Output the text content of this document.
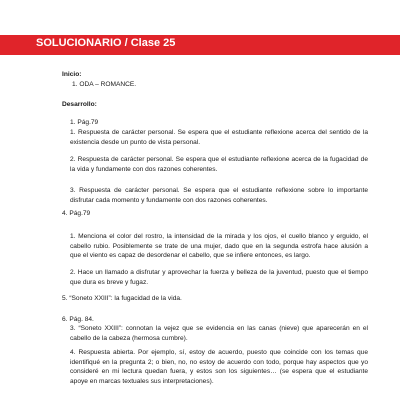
SOLUCIONARIO / Clase 25
Inicio:
1. ODA – ROMANCE.
Desarrollo:
1. Pág.79
1. Respuesta de carácter personal. Se espera que el estudiante reflexione acerca del sentido de la existencia desde un punto de vista personal.
2. Respuesta de carácter personal. Se espera que el estudiante reflexione acerca de la fugacidad de la vida y fundamente con dos razones coherentes.
3. Respuesta de carácter personal. Se espera que el estudiante reflexione sobre lo importante disfrutar cada momento y fundamente con dos razones coherentes.
4. Pág.79
1. Menciona el color del rostro, la intensidad de la mirada y los ojos, el cuello blanco y erguido, el cabello rubio. Posiblemente se trate de una mujer, dado que en la segunda estrofa hace alusión a que el viento es capaz de desordenar el cabello, que se infiere entonces, es largo.
2. Hace un llamado a disfrutar y aprovechar la fuerza y belleza de la juventud, puesto que el tiempo que dura es breve y fugaz.
5. “Soneto XXIII”: la fugacidad de la vida.
6. Pág. 84.
3. “Soneto XXIII”: connotan la vejez que se evidencia en las canas (nieve) que aparecerán en el cabello de la cabeza (hermosa cumbre).
4. Respuesta abierta. Por ejemplo, sí, estoy de acuerdo, puesto que coincide con los temas que identifiqué en la pregunta 2; o bien, no, no estoy de acuerdo con todo, porque hay aspectos que yo consideré en mi lectura quedan fuera, y estos son los siguientes… (se espera que el estudiante apoye en marcas textuales sus interpretaciones).
